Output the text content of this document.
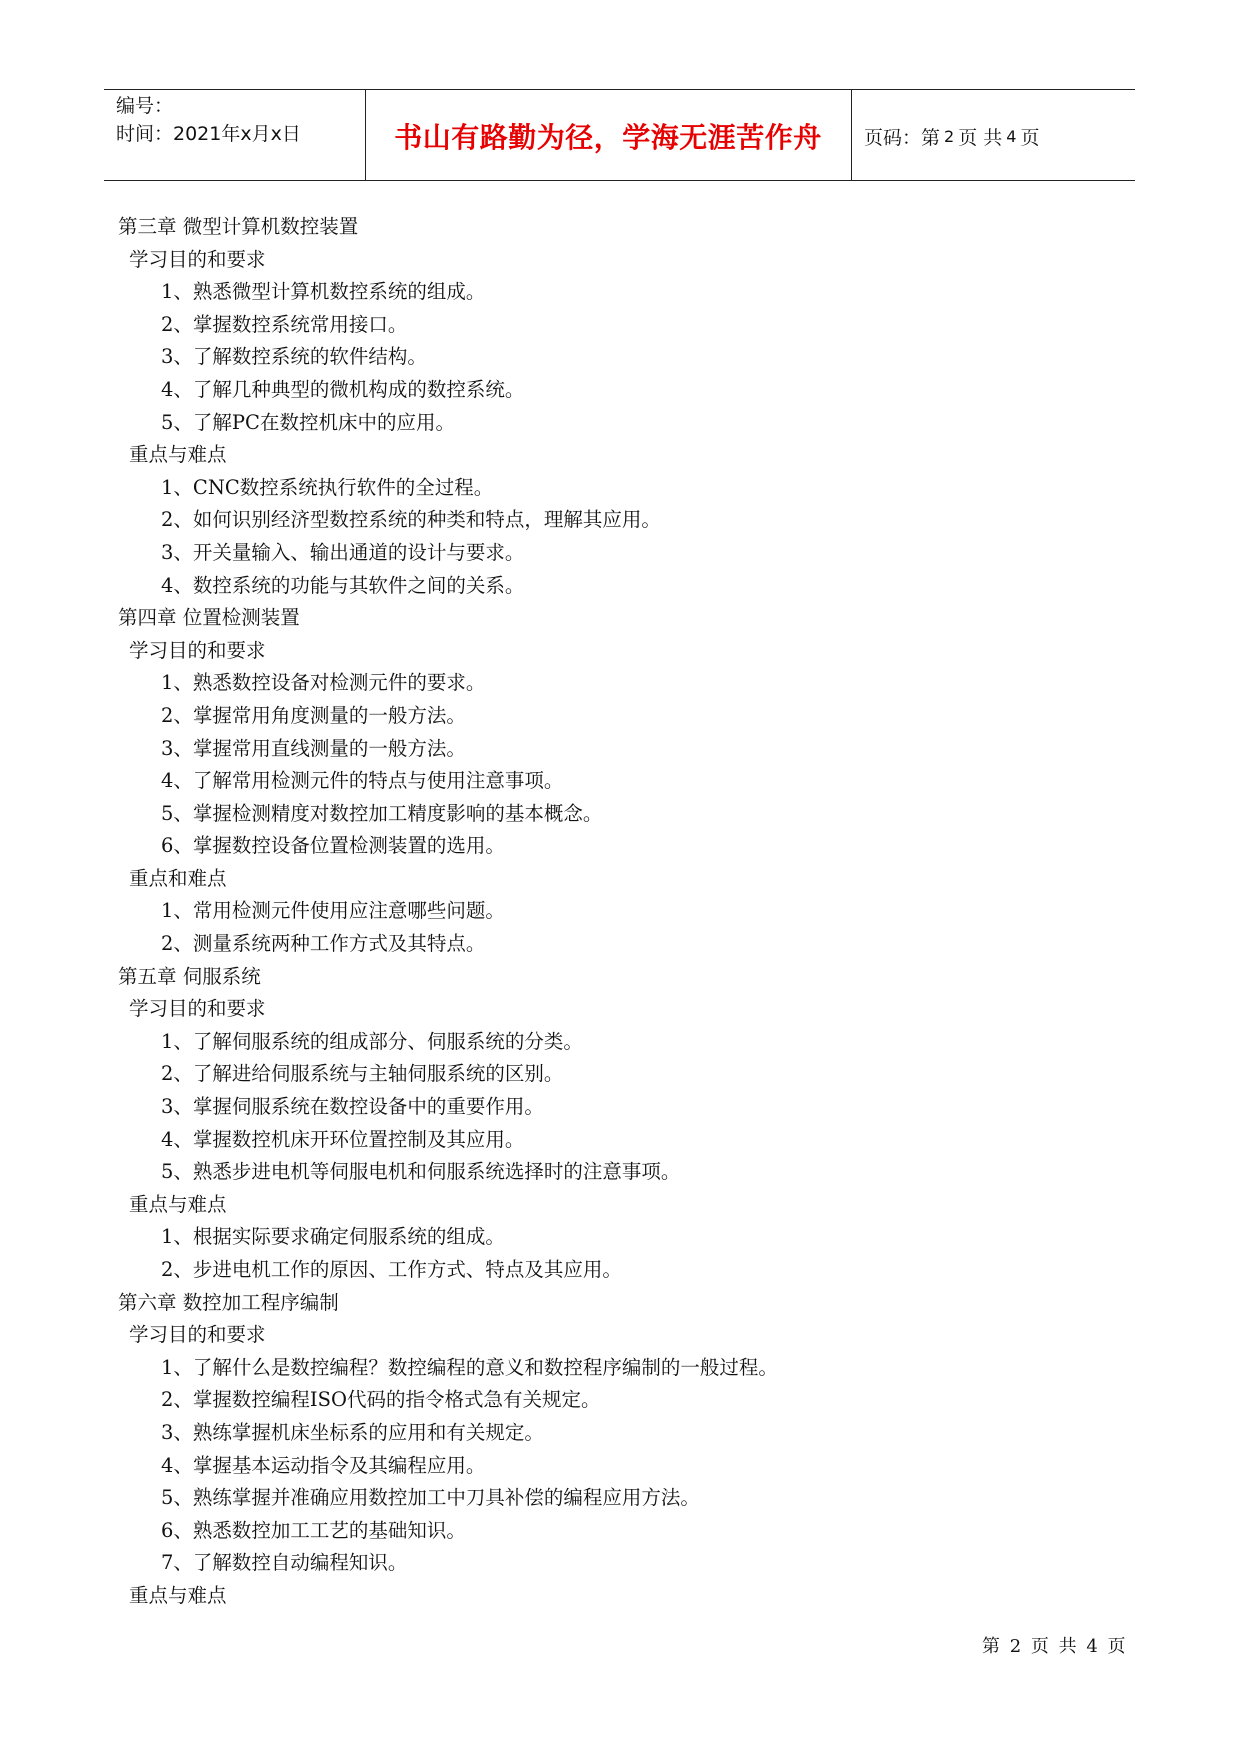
编号：
时间：2021年x月x日	书山有路勤为径，学海无涯苦作舟	页码：第 2 页 共 4 页
第三章 微型计算机数控装置
学习目的和要求
1、熟悉微型计算机数控系统的组成。
2、掌握数控系统常用接口。
3、了解数控系统的软件结构。
4、了解几种典型的微机构成的数控系统。
5、了解PC在数控机床中的应用。
重点与难点
1、CNC数控系统执行软件的全过程。
2、如何识别经济型数控系统的种类和特点，理解其应用。
3、开关量输入、输出通道的设计与要求。
4、数控系统的功能与其软件之间的关系。
第四章 位置检测装置
学习目的和要求
1、熟悉数控设备对检测元件的要求。
2、掌握常用角度测量的一般方法。
3、掌握常用直线测量的一般方法。
4、了解常用检测元件的特点与使用注意事项。
5、掌握检测精度对数控加工精度影响的基本概念。
6、掌握数控设备位置检测装置的选用。
重点和难点
1、常用检测元件使用应注意哪些问题。
2、测量系统两种工作方式及其特点。
第五章 伺服系统
学习目的和要求
1、了解伺服系统的组成部分、伺服系统的分类。
2、了解进给伺服系统与主轴伺服系统的区别。
3、掌握伺服系统在数控设备中的重要作用。
4、掌握数控机床开环位置控制及其应用。
5、熟悉步进电机等伺服电机和伺服系统选择时的注意事项。
重点与难点
1、根据实际要求确定伺服系统的组成。
2、步进电机工作的原因、工作方式、特点及其应用。
第六章 数控加工程序编制
学习目的和要求
1、了解什么是数控编程？数控编程的意义和数控程序编制的一般过程。
2、掌握数控编程ISO代码的指令格式急有关规定。
3、熟练掌握机床坐标系的应用和有关规定。
4、掌握基本运动指令及其编程应用。
5、熟练掌握并准确应用数控加工中刀具补偿的编程应用方法。
6、熟悉数控加工工艺的基础知识。
7、了解数控自动编程知识。
重点与难点
第 2 页 共 4 页
